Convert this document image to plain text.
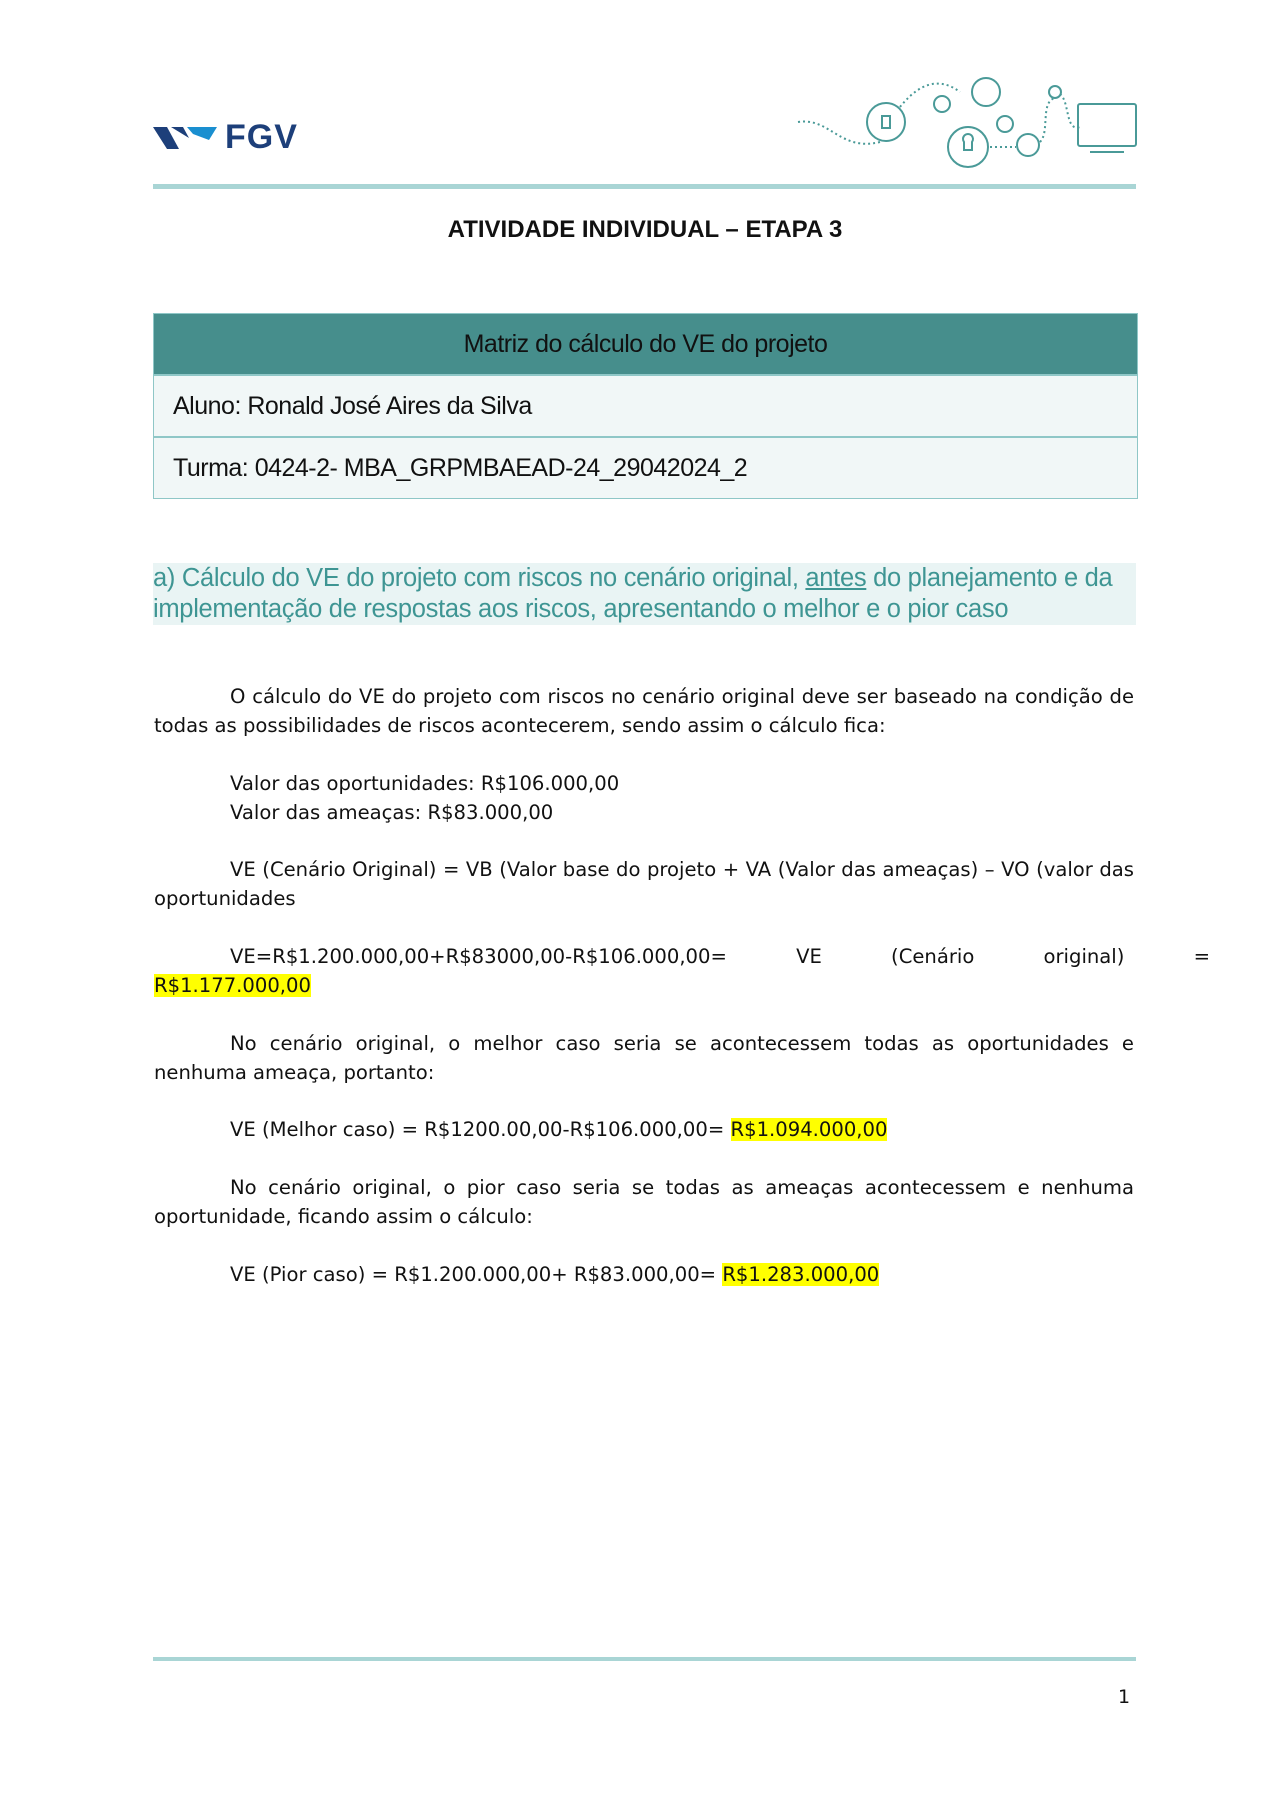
FGV
ATIVIDADE INDIVIDUAL – ETAPA 3
Matriz do cálculo do VE do projeto
Aluno: Ronald José Aires da Silva
Turma: 0424-2- MBA_GRPMBAEAD-24_29042024_2
a) Cálculo do VE do projeto com riscos no cenário original, antes do planejamento e da implementação de respostas aos riscos, apresentando o melhor e o pior caso
O cálculo do VE do projeto com riscos no cenário original deve ser baseado na condição de todas as possibilidades de riscos acontecerem, sendo assim o cálculo fica:
Valor das oportunidades: R$106.000,00
Valor das ameaças: R$83.000,00
VE (Cenário Original) = VB (Valor base do projeto + VA (Valor das ameaças) – VO (valor das oportunidades
VE=R$1.200.000,00+R$83000,00-R$106.000,00=	VE	(Cenário	original)	=
R$1.177.000,00
No cenário original, o melhor caso seria se acontecessem todas as oportunidades e nenhuma ameaça, portanto:
VE (Melhor caso) = R$1200.00,00-R$106.000,00= R$1.094.000,00
No cenário original, o pior caso seria se todas as ameaças acontecessem e nenhuma oportunidade, ficando assim o cálculo:
VE (Pior caso) = R$1.200.000,00+ R$83.000,00= R$1.283.000,00
1
